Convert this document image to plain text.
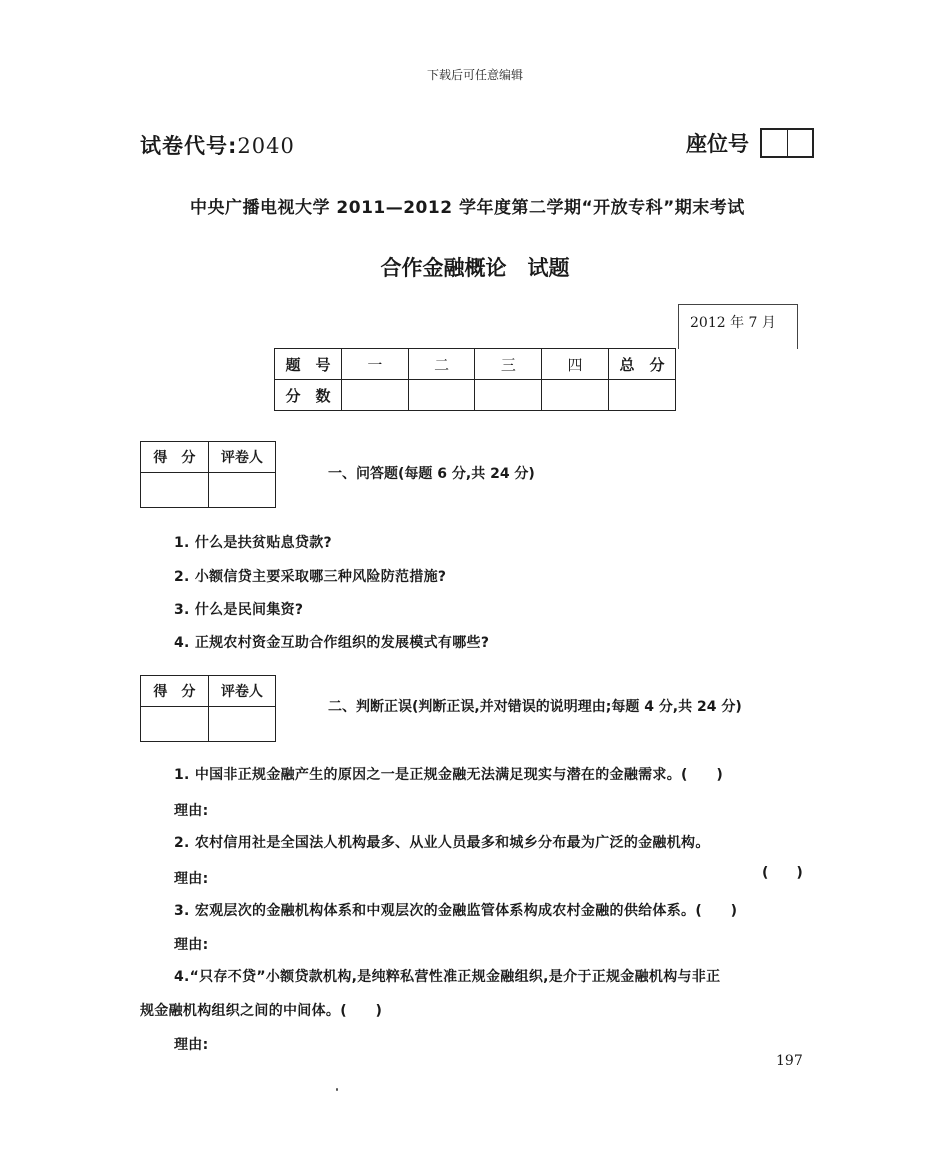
下载后可任意编辑
试卷代号:2040	座位号
中央广播电视大学 2011—2012 学年度第二学期“开放专科”期末考试
合作金融概论　试题
2012 年 7 月
题　号	一	二	三	四	总　分
分　数					
得　分	评卷人

一、问答题(每题 6 分,共 24 分)
1. 什么是扶贫贴息贷款?
2. 小额信贷主要采取哪三种风险防范措施?
3. 什么是民间集资?
4. 正规农村资金互助合作组织的发展模式有哪些?
得　分	评卷人

二、判断正误(判断正误,并对错误的说明理由;每题 4 分,共 24 分)
1. 中国非正规金融产生的原因之一是正规金融无法满足现实与潜在的金融需求。(　　)
理由:
2. 农村信用社是全国法人机构最多、从业人员最多和城乡分布最为广泛的金融机构。
(　　)
理由:
3. 宏观层次的金融机构体系和中观层次的金融监管体系构成农村金融的供给体系。(　　)
理由:
4.“只存不贷”小额贷款机构,是纯粹私营性准正规金融组织,是介于正规金融机构与非正
规金融机构组织之间的中间体。(　　)
理由:
197
